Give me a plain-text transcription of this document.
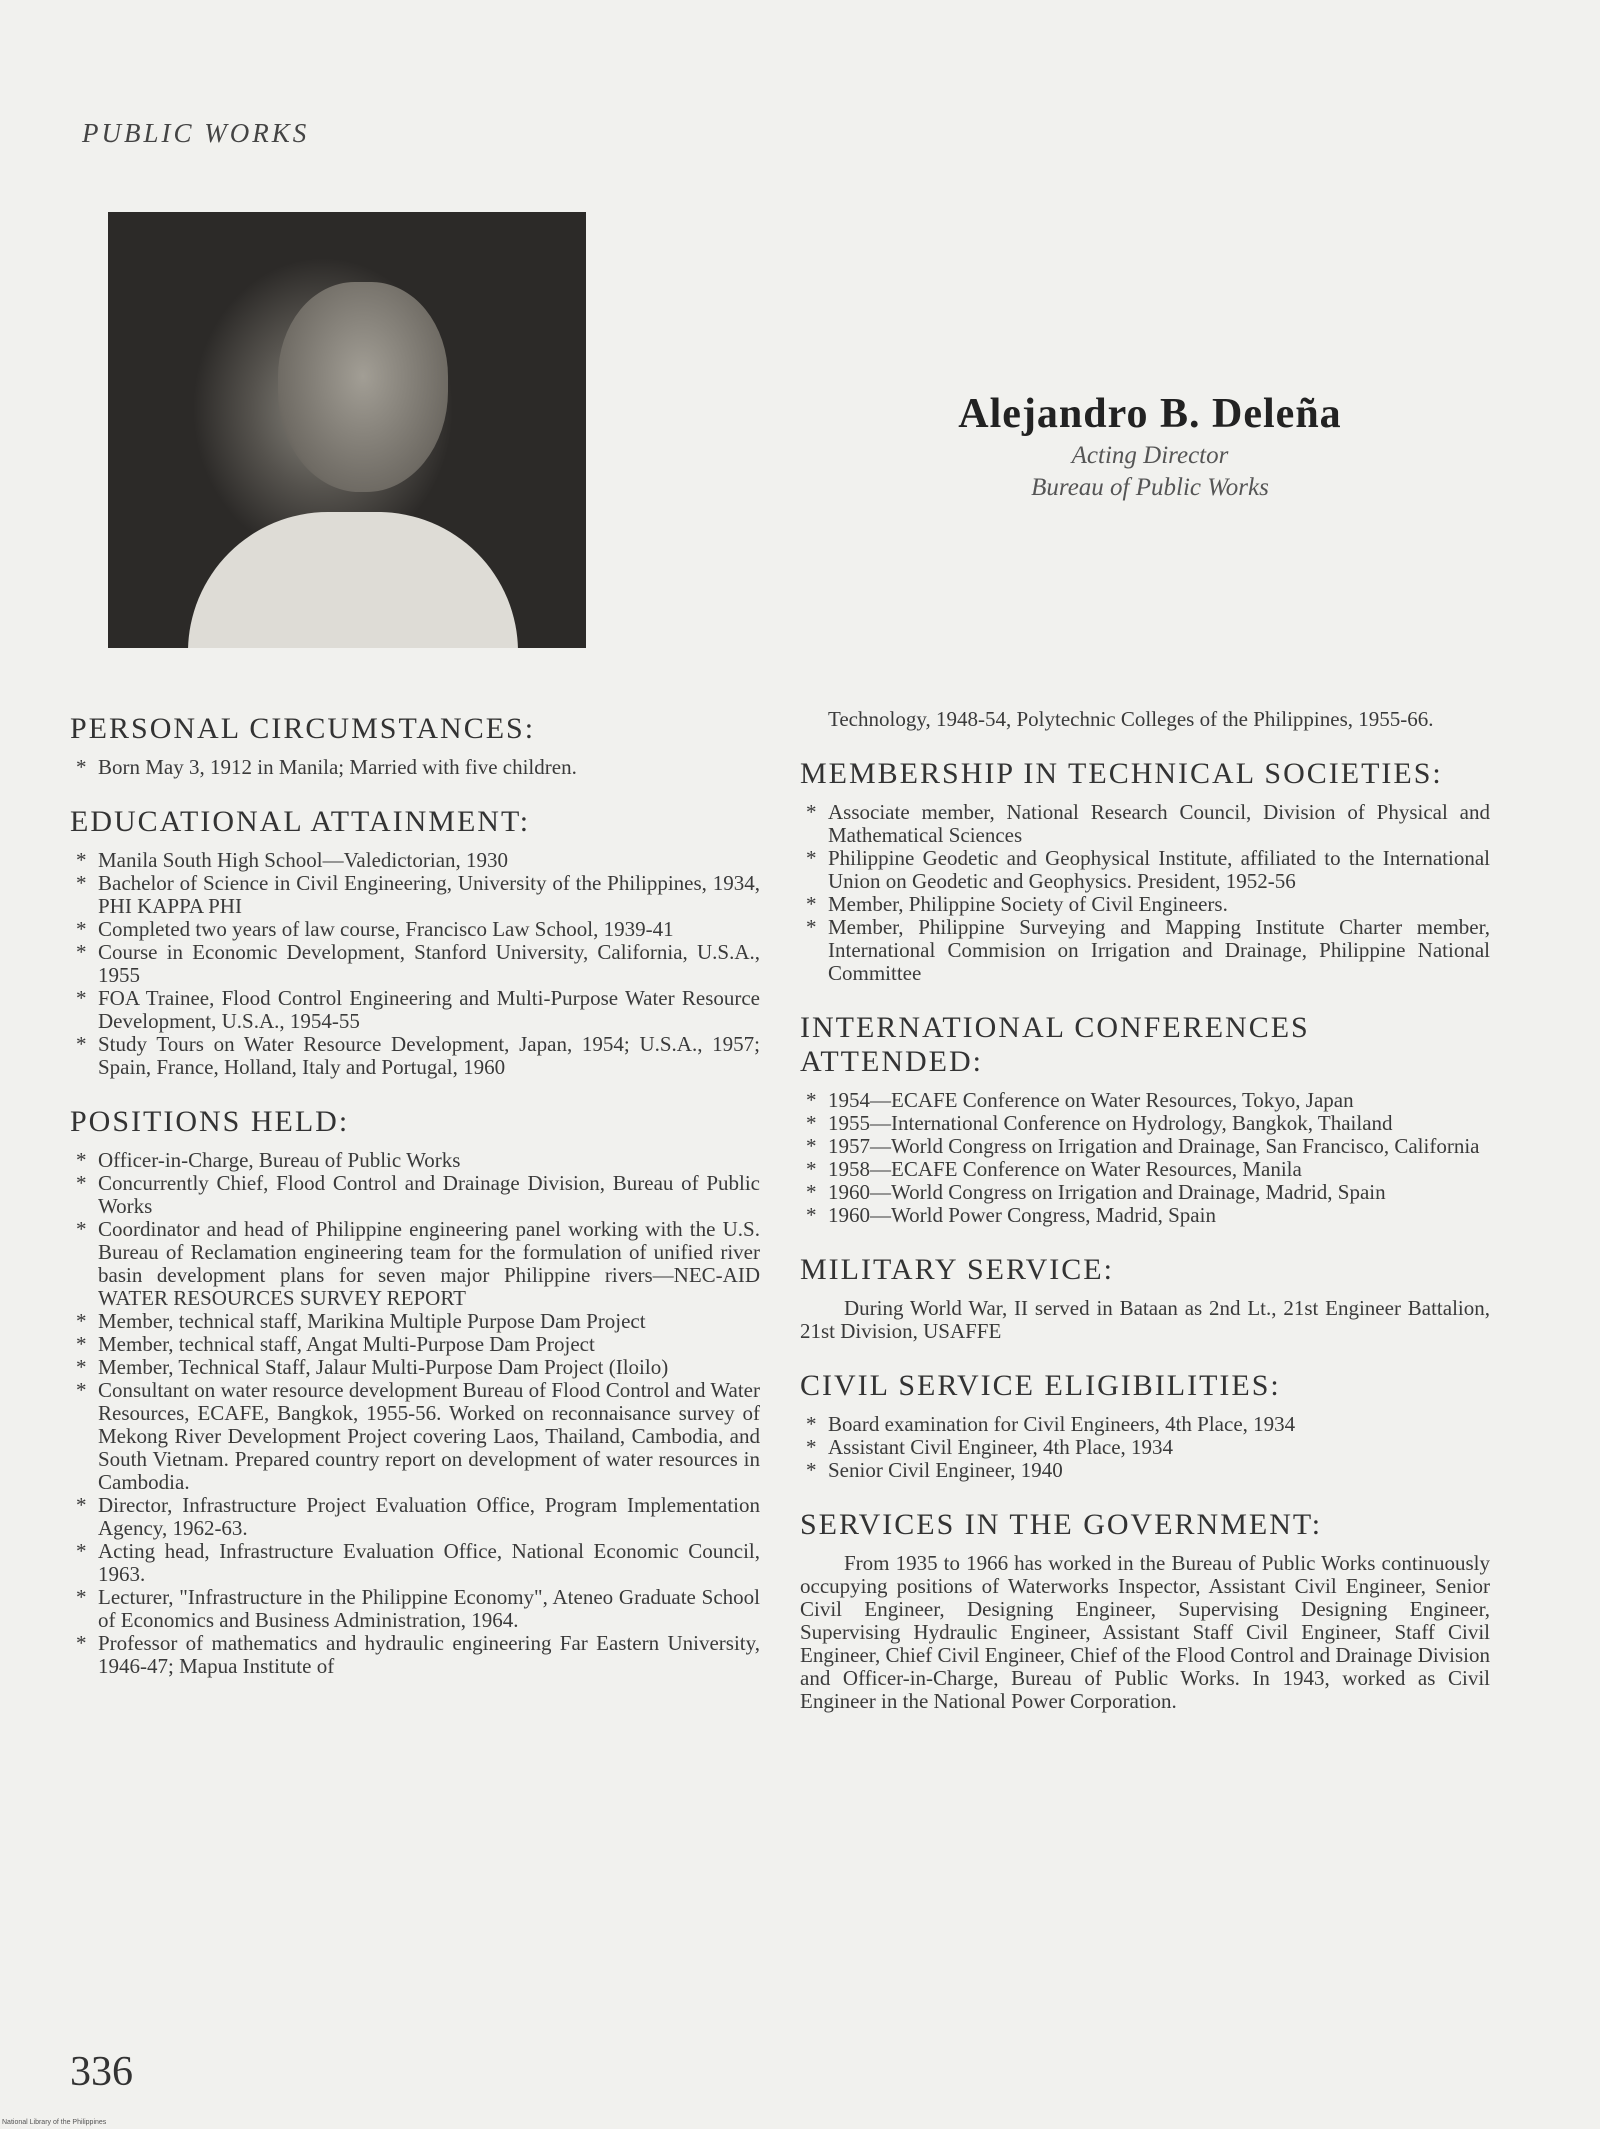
PUBLIC WORKS
Alejandro B. Deleña
Acting Director
Bureau of Public Works
PERSONAL CIRCUMSTANCES:
* Born May 3, 1912 in Manila; Married with five children.
EDUCATIONAL ATTAINMENT:
* Manila South High School—Valedictorian, 1930
* Bachelor of Science in Civil Engineering, University of the Philippines, 1934, PHI KAPPA PHI
* Completed two years of law course, Francisco Law School, 1939-41
* Course in Economic Development, Stanford University, California, U.S.A., 1955
* FOA Trainee, Flood Control Engineering and Multi-Purpose Water Resource Development, U.S.A., 1954-55
* Study Tours on Water Resource Development, Japan, 1954; U.S.A., 1957; Spain, France, Holland, Italy and Portugal, 1960
POSITIONS HELD:
* Officer-in-Charge, Bureau of Public Works
* Concurrently Chief, Flood Control and Drainage Division, Bureau of Public Works
* Coordinator and head of Philippine engineering panel working with the U.S. Bureau of Reclamation engineering team for the formulation of unified river basin development plans for seven major Philippine rivers—NEC-AID WATER RESOURCES SURVEY REPORT
* Member, technical staff, Marikina Multiple Purpose Dam Project
* Member, technical staff, Angat Multi-Purpose Dam Project
* Member, Technical Staff, Jalaur Multi-Purpose Dam Project (Iloilo)
* Consultant on water resource development Bureau of Flood Control and Water Resources, ECAFE, Bangkok, 1955-56. Worked on reconnaisance survey of Mekong River Development Project covering Laos, Thailand, Cambodia, and South Vietnam. Prepared country report on development of water resources in Cambodia.
* Director, Infrastructure Project Evaluation Office, Program Implementation Agency, 1962-63.
* Acting head, Infrastructure Evaluation Office, National Economic Council, 1963.
* Lecturer, "Infrastructure in the Philippine Economy", Ateneo Graduate School of Economics and Business Administration, 1964.
* Professor of mathematics and hydraulic engineering Far Eastern University, 1946-47; Mapua Institute of
Technology, 1948-54, Polytechnic Colleges of the Philippines, 1955-66.
MEMBERSHIP IN TECHNICAL SOCIETIES:
* Associate member, National Research Council, Division of Physical and Mathematical Sciences
* Philippine Geodetic and Geophysical Institute, affiliated to the International Union on Geodetic and Geophysics. President, 1952-56
* Member, Philippine Society of Civil Engineers.
* Member, Philippine Surveying and Mapping Institute Charter member, International Commision on Irrigation and Drainage, Philippine National Committee
INTERNATIONAL CONFERENCES ATTENDED:
* 1954—ECAFE Conference on Water Resources, Tokyo, Japan
* 1955—International Conference on Hydrology, Bangkok, Thailand
* 1957—World Congress on Irrigation and Drainage, San Francisco, California
* 1958—ECAFE Conference on Water Resources, Manila
* 1960—World Congress on Irrigation and Drainage, Madrid, Spain
* 1960—World Power Congress, Madrid, Spain
MILITARY SERVICE:

During World War, II served in Bataan as 2nd Lt., 21st Engineer Battalion, 21st Division, USAFFE

CIVIL SERVICE ELIGIBILITIES:
* Board examination for Civil Engineers, 4th Place, 1934
* Assistant Civil Engineer, 4th Place, 1934
* Senior Civil Engineer, 1940
SERVICES IN THE GOVERNMENT:

From 1935 to 1966 has worked in the Bureau of Public Works continuously occupying positions of Waterworks Inspector, Assistant Civil Engineer, Senior Civil Engineer, Designing Engineer, Supervising Designing Engineer, Supervising Hydraulic Engineer, Assistant Staff Civil Engineer, Staff Civil Engineer, Chief Civil Engineer, Chief of the Flood Control and Drainage Division and Officer-in-Charge, Bureau of Public Works. In 1943, worked as Civil Engineer in the National Power Corporation.

336
National Library of the Philippines
